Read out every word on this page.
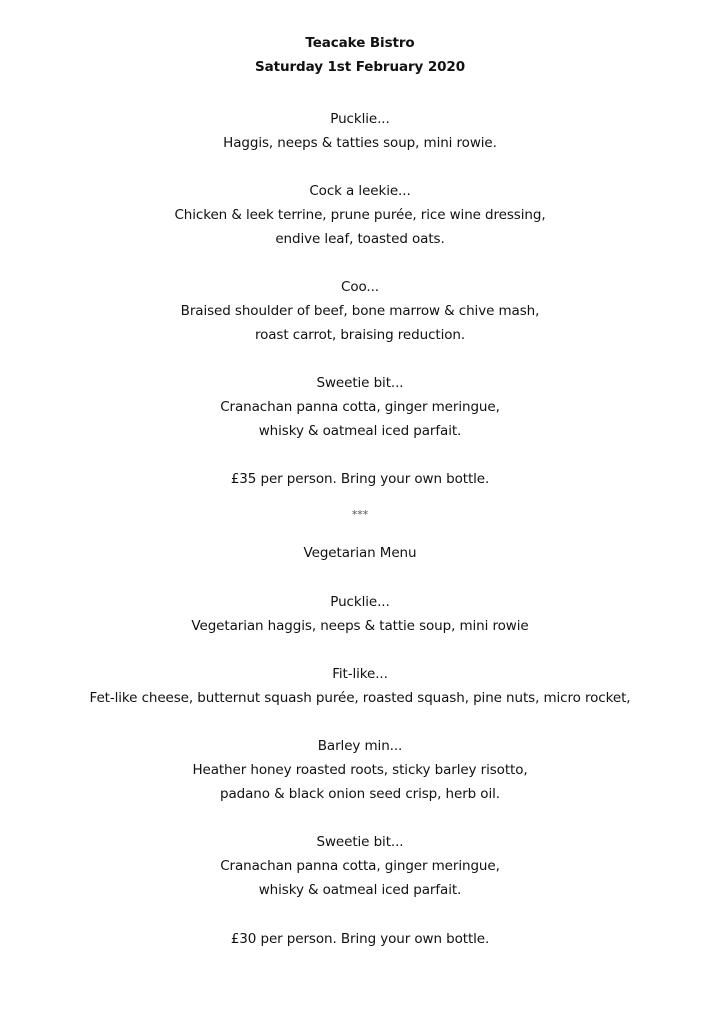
Teacake Bistro
Saturday 1st February 2020
Pucklie...
Haggis, neeps & tatties soup, mini rowie.
Cock a leekie...
Chicken & leek terrine, prune purée, rice wine dressing,
endive leaf, toasted oats.
Coo...
Braised shoulder of beef, bone marrow & chive mash,
roast carrot, braising reduction.
Sweetie bit...
Cranachan panna cotta, ginger meringue,
whisky & oatmeal iced parfait.
£35 per person. Bring your own bottle.
***
Vegetarian Menu
Pucklie...
Vegetarian haggis, neeps & tattie soup, mini rowie
Fit-like...
Fet-like cheese, butternut squash purée, roasted squash, pine nuts, micro rocket,
Barley min...
Heather honey roasted roots, sticky barley risotto,
padano & black onion seed crisp, herb oil.
Sweetie bit...
Cranachan panna cotta, ginger meringue,
whisky & oatmeal iced parfait.
£30 per person. Bring your own bottle.
